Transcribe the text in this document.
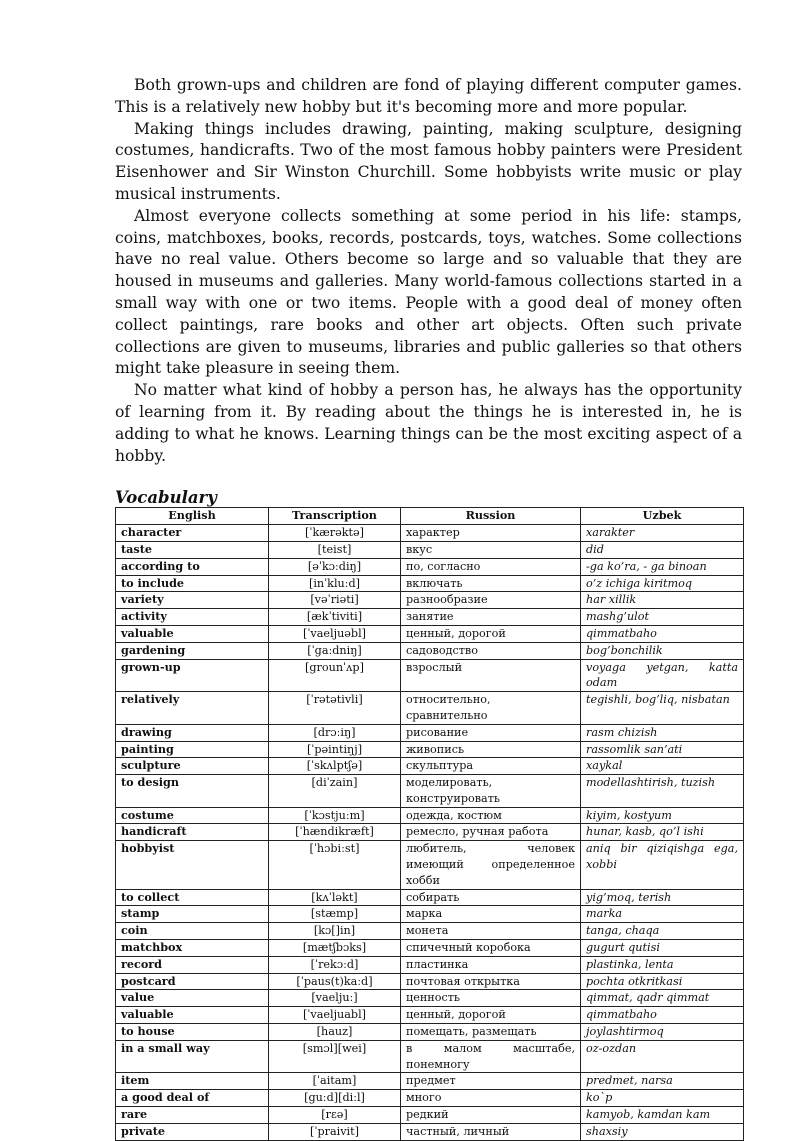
Both grown-ups and children are fond of playing different computer games. This is a relatively new hobby but it's becoming more and more popular.

Making things includes drawing, painting, making sculpture, designing costumes, handicrafts. Two of the most famous hobby painters were President Eisenhower and Sir Winston Churchill. Some hobbyists write music or play musical instruments.

Almost everyone collects something at some period in his life: stamps, coins, matchboxes, books, records, postcards, toys, watches. Some collections have no real value. Others become so large and so valuable that they are housed in museums and galleries. Many world-famous collections started in a small way with one or two items. People with a good deal of money often collect paintings, rare books and other art objects. Often such private collections are given to museums, libraries and public galleries so that others might take pleasure in seeing them.

No matter what kind of hobby a person has, he always has the opportunity of learning from it. By reading about the things he is interested in, he is adding to what he knows. Learning things can be the most exciting aspect of a hobby.

Vocabulary
English	Transcription	Russion	Uzbek
character	[ˈkærəktə]	характер	xarakter
taste	[teist]	вкус	did
according to	[əˈkɔːdiŋ]	по, согласно	-ga ko’ra, - ga binoan
to include	[inˈkluːd]	включать	o’z ichiga kiritmoq
variety	[vəˈriəti]	разнообразие	har xillik
activity	[ækˈtiviti]	занятие	mashg’ulot
valuable	[ˈvaeljuəbl]	ценный, дорогой	qimmatbaho
gardening	[ˈgaːdniŋ]	садоводство	bog’bonchilik
grown-up	[grounˈʌp]	взрослый	voyaga yetgan, katta odam
relatively	[ˈrətətivli]	относительно, сравнительно	tegishli, bog’liq, nisbatan
drawing	[drɔːiŋ]	рисование	rasm chizish
painting	[ˈpəintiŋj]	живопись	rassomlik san’ati
sculpture	[ˈskʌlptʃə]	скульптура	xaykal
to design	[diˈzain]	моделировать, конструировать	modellashtirish, tuzish
costume	[ˈkɔstjuːm]	одежда, костюм	kiyim, kostyum
handicraft	[ˈhændikræft]	ремесло, ручная работа	hunar, kasb, qo’l ishi
hobbyist	[ˈhɔbiːst]	любитель, человек имеющий определенное хобби	aniq bir qiziqishga ega, xobbi
to collect	[kʌˈləkt]	собирать	yig’moq, terish
stamp	[stæmp]	марка	marka
coin	[kɔ[]in]	монета	tanga, chaqa
matchbox	[mætʃbɔks]	спичечный коробока	gugurt qutisi
record	[ˈrekɔːd]	пластинка	plastinka, lenta
postcard	[ˈpaus(t)kaːd]	почтовая открытка	pochta otkritkasi
value	[vaeljuː]	ценность	qimmat, qadr qimmat
valuable	[ˈvaeljuabl]	ценный, дорогой	qimmatbaho
to house	[hauz]	помещать, размещать	joylashtirmoq
in a small way	[smɔl][wei]	в малом масштабе, понемногу	oz-ozdan
item	[ˈaitam]	предмет	predmet, narsa
a good deal of	[guːd][diːl]	много	ko`p
rare	[rɛə]	редкий	kamyob, kamdan kam
private	[ˈpraivit]	частный, личный	shaxsiy
